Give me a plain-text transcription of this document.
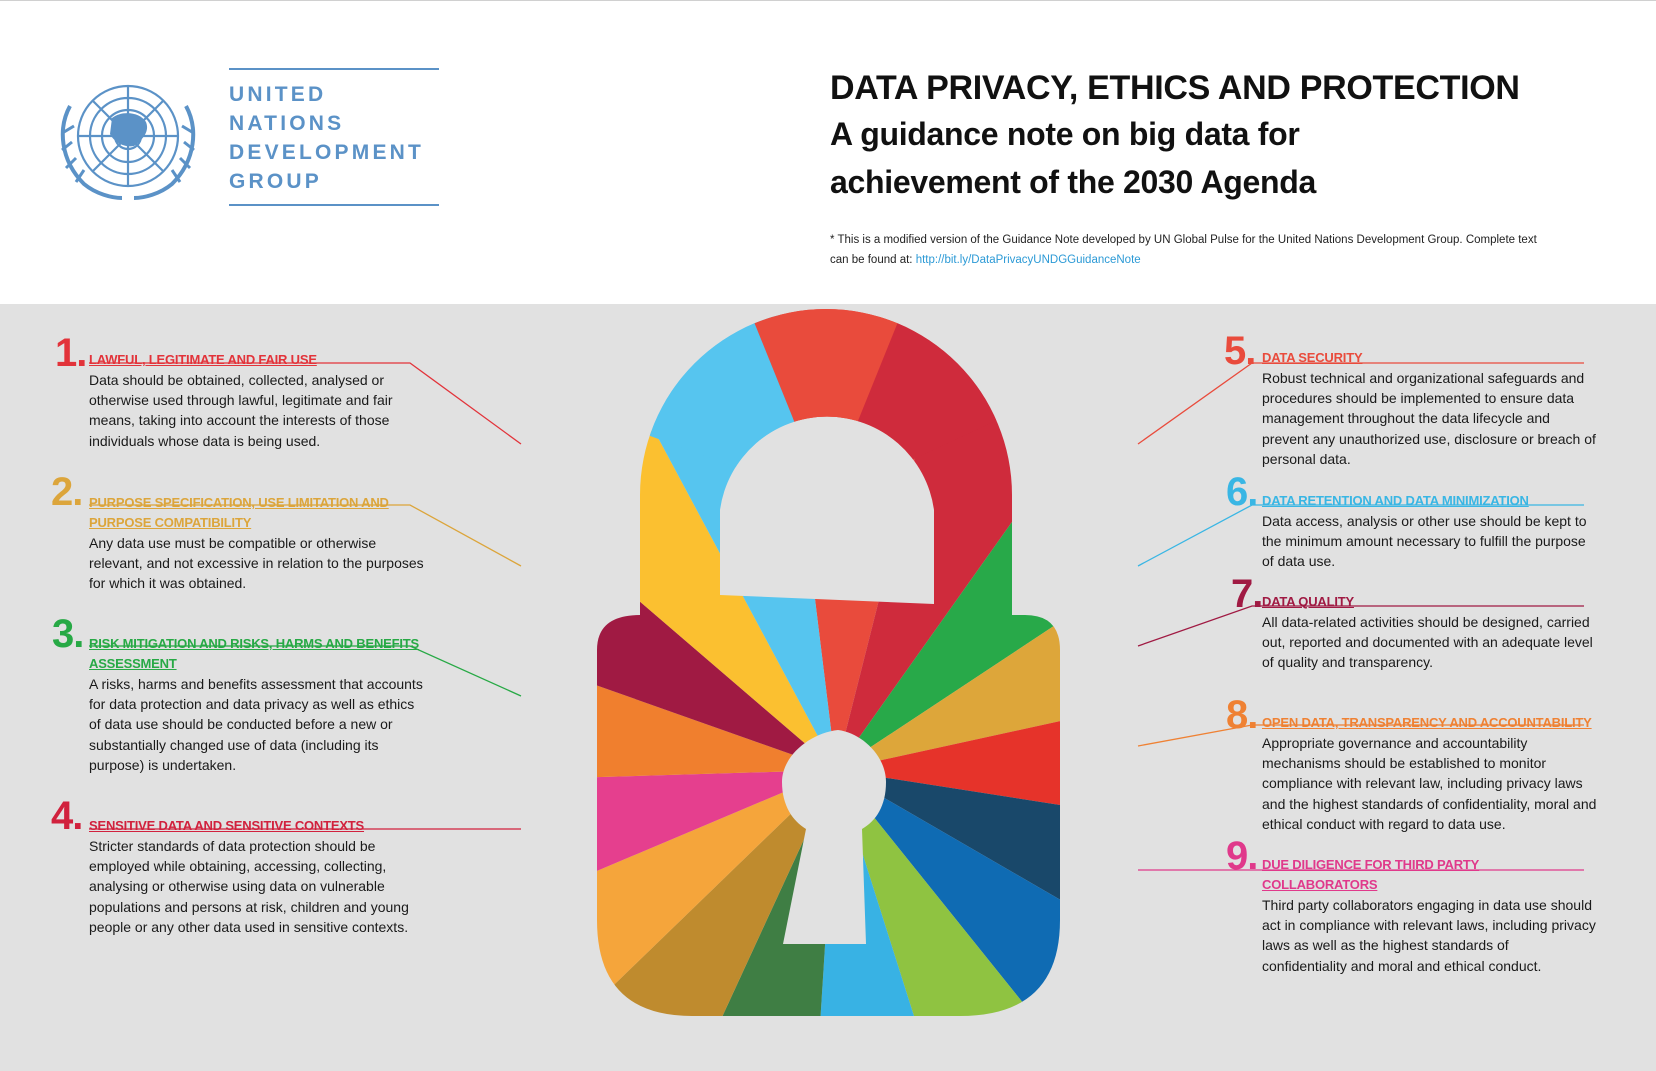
UNITED
NATIONS
DEVELOPMENT
GROUP
DATA PRIVACY, ETHICS AND PROTECTION
A guidance note on big data for
achievement of the 2030 Agenda
* This is a modified version of the Guidance Note developed by UN Global Pulse for the United Nations Development Group. Complete text can be found at: http://bit.ly/DataPrivacyUNDGGuidanceNote
1. LAWFUL, LEGITIMATE AND FAIR USE
Data should be obtained, collected, analysed or otherwise used through lawful, legitimate and fair means, taking into account the interests of those individuals whose data is being used.
2. PURPOSE SPECIFICATION, USE LIMITATION AND PURPOSE COMPATIBILITY
Any data use must be compatible or otherwise relevant, and not excessive in relation to the purposes for which it was obtained.
3. RISK MITIGATION AND RISKS, HARMS AND BENEFITS ASSESSMENT
A risks, harms and benefits assessment that accounts for data protection and data privacy as well as ethics of data use should be conducted before a new or substantially changed use of data (including its purpose) is undertaken.
4. SENSITIVE DATA AND SENSITIVE CONTEXTS
Stricter standards of data protection should be employed while obtaining, accessing, collecting, analysing or otherwise using data on vulnerable populations and persons at risk, children and young people or any other data used in sensitive contexts.
5. DATA SECURITY
Robust technical and organizational safeguards and procedures should be implemented to ensure data management throughout the data lifecycle and prevent any unauthorized use, disclosure or breach of personal data.
6. DATA RETENTION AND DATA MINIMIZATION
Data access, analysis or other use should be kept to the minimum amount necessary to fulfill the purpose of data use.
7. DATA QUALITY
All data-related activities should be designed, carried out, reported and documented with an adequate level of quality and transparency.
8. OPEN DATA, TRANSPARENCY AND ACCOUNTABILITY
Appropriate governance and accountability mechanisms should be established to monitor compliance with relevant law, including privacy laws and the highest standards of confidentiality, moral and ethical conduct with regard to data use.
9. DUE DILIGENCE FOR THIRD PARTY COLLABORATORS
Third party collaborators engaging in data use should act in compliance with relevant laws, including privacy laws as well as the highest standards of confidentiality and moral and ethical conduct.
